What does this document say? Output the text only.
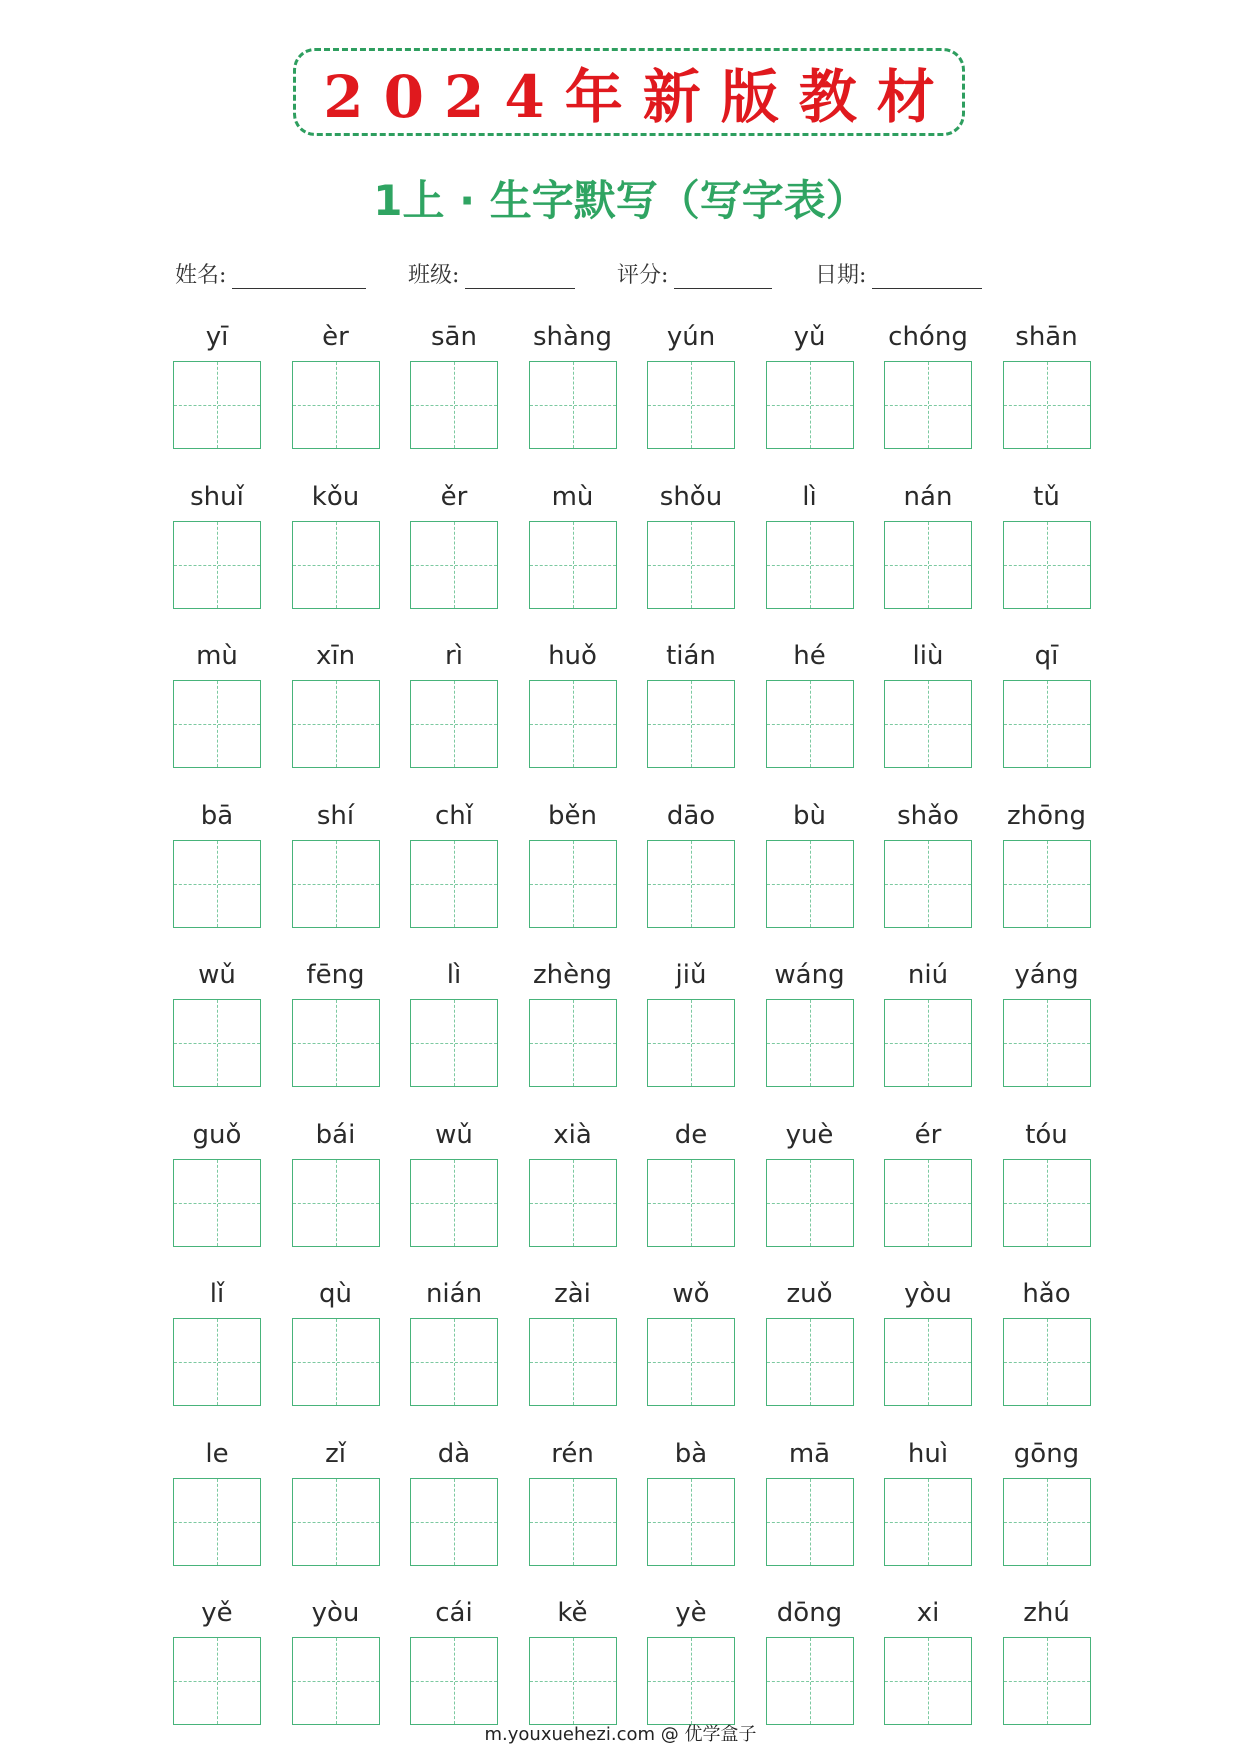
2024年新版教材
1上 · 生字默写（写字表）
姓名:	班级:	评分:	日期:
yī	èr	sān	shàng	yún	yǔ	chóng	shān
shuǐ	kǒu	ěr	mù	shǒu	lì	nán	tǔ
mù	xīn	rì	huǒ	tián	hé	liù	qī
bā	shí	chǐ	běn	dāo	bù	shǎo	zhōng
wǔ	fēng	lì	zhèng	jiǔ	wáng	niú	yáng
guǒ	bái	wǔ	xià	de	yuè	ér	tóu
lǐ	qù	nián	zài	wǒ	zuǒ	yòu	hǎo
le	zǐ	dà	rén	bà	mā	huì	gōng
yě	yòu	cái	kě	yè	dōng	xi	zhú
m.youxuehezi.com @ 优学盒子
